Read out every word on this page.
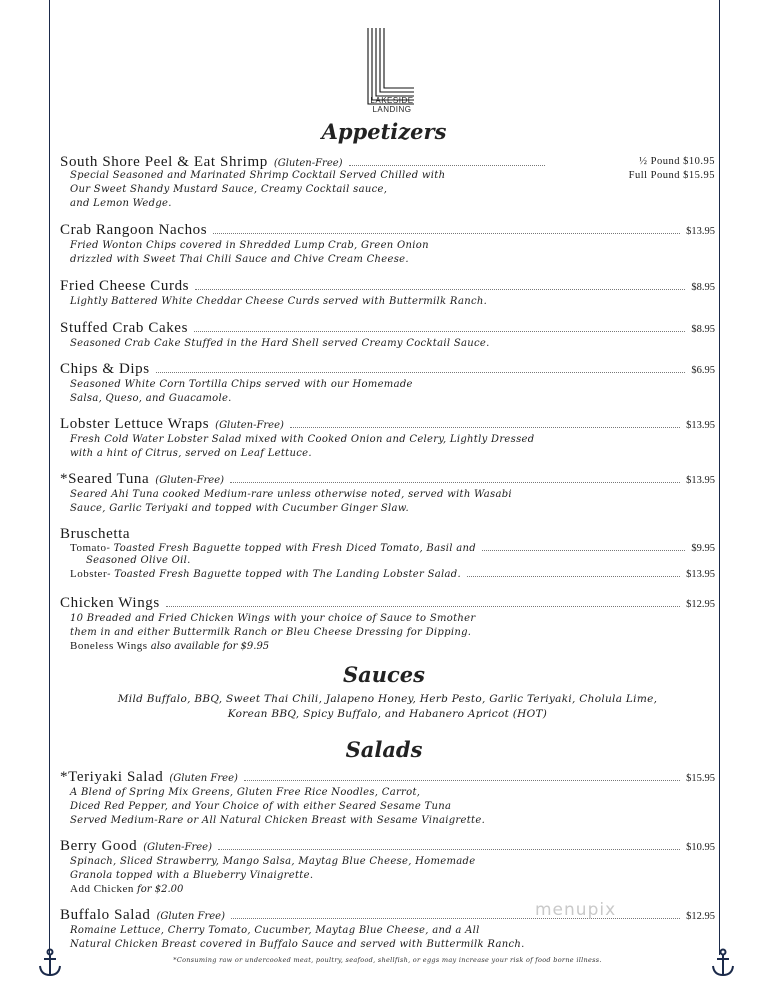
LAKESIDE LANDING
Appetizers
South Shore Peel & Eat Shrimp (Gluten-Free)	½ Pound $10.95
Full Pound $15.95
Special Seasoned and Marinated Shrimp Cocktail Served Chilled with
Our Sweet Shandy Mustard Sauce, Creamy Cocktail sauce,
and Lemon Wedge.
Crab Rangoon Nachos	$13.95
Fried Wonton Chips covered in Shredded Lump Crab, Green Onion
drizzled with Sweet Thai Chili Sauce and Chive Cream Cheese.
Fried Cheese Curds	$8.95
Lightly Battered White Cheddar Cheese Curds served with Buttermilk Ranch.
Stuffed Crab Cakes	$8.95
Seasoned Crab Cake Stuffed in the Hard Shell served Creamy Cocktail Sauce.
Chips & Dips	$6.95
Seasoned White Corn Tortilla Chips served with our Homemade
Salsa, Queso, and Guacamole.
Lobster Lettuce Wraps (Gluten-Free)	$13.95
Fresh Cold Water Lobster Salad mixed with Cooked Onion and Celery, Lightly Dressed
with a hint of Citrus, served on Leaf Lettuce.
*Seared Tuna (Gluten-Free)	$13.95
Seared Ahi Tuna cooked Medium-rare unless otherwise noted, served with Wasabi
Sauce, Garlic Teriyaki and topped with Cucumber Ginger Slaw.
Bruschetta
Tomato - Toasted Fresh Baguette topped with Fresh Diced Tomato, Basil and	$9.95
Seasoned Olive Oil.
Lobster - Toasted Fresh Baguette topped with The Landing Lobster Salad.	$13.95
Chicken Wings	$12.95
10 Breaded and Fried Chicken Wings with your choice of Sauce to Smother
them in and either Buttermilk Ranch or Bleu Cheese Dressing for Dipping.
Boneless Wings also available for $9.95
Sauces
Mild Buffalo, BBQ, Sweet Thai Chili, Jalapeno Honey, Herb Pesto, Garlic Teriyaki, Cholula Lime,
Korean BBQ, Spicy Buffalo, and Habanero Apricot (HOT)
Salads
*Teriyaki Salad (Gluten Free)	$15.95
A Blend of Spring Mix Greens, Gluten Free Rice Noodles, Carrot,
Diced Red Pepper, and Your Choice of with either Seared Sesame Tuna
Served Medium-Rare or All Natural Chicken Breast with Sesame Vinaigrette.
Berry Good (Gluten-Free)	$10.95
Spinach, Sliced Strawberry, Mango Salsa, Maytag Blue Cheese, Homemade
Granola topped with a Blueberry Vinaigrette.
Add Chicken for $2.00
Buffalo Salad (Gluten Free)	$12.95
Romaine Lettuce, Cherry Tomato, Cucumber, Maytag Blue Cheese, and a All
Natural Chicken Breast covered in Buffalo Sauce and served with Buttermilk Ranch.
menupix
*Consuming raw or undercooked meat, poultry, seafood, shellfish, or eggs may increase your risk of food borne illness.
